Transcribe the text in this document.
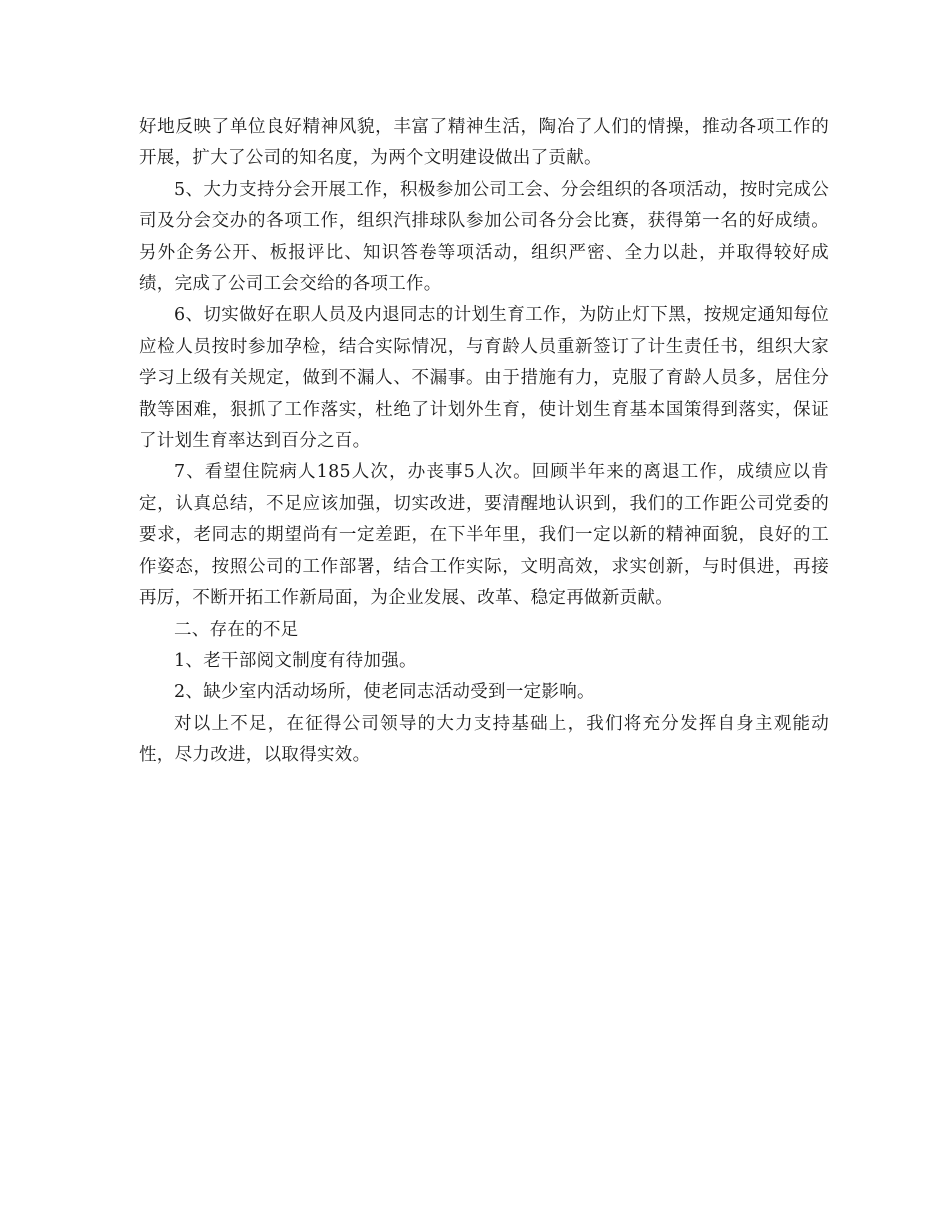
好地反映了单位良好精神风貌，丰富了精神生活，陶冶了人们的情操，推动各项工作的开展，扩大了公司的知名度，为两个文明建设做出了贡献。

5、大力支持分会开展工作，积极参加公司工会、分会组织的各项活动，按时完成公司及分会交办的各项工作，组织汽排球队参加公司各分会比赛，获得第一名的好成绩。另外企务公开、板报评比、知识答卷等项活动，组织严密、全力以赴，并取得较好成绩，完成了公司工会交给的各项工作。

6、切实做好在职人员及内退同志的计划生育工作，为防止灯下黑，按规定通知每位应检人员按时参加孕检，结合实际情况，与育龄人员重新签订了计生责任书，组织大家学习上级有关规定，做到不漏人、不漏事。由于措施有力，克服了育龄人员多，居住分散等困难，狠抓了工作落实，杜绝了计划外生育，使计划生育基本国策得到落实，保证了计划生育率达到百分之百。

7、看望住院病人185人次，办丧事5人次。回顾半年来的离退工作，成绩应以肯定，认真总结，不足应该加强，切实改进，要清醒地认识到，我们的工作距公司党委的要求，老同志的期望尚有一定差距，在下半年里，我们一定以新的精神面貌，良好的工作姿态，按照公司的工作部署，结合工作实际，文明高效，求实创新，与时俱进，再接再厉，不断开拓工作新局面，为企业发展、改革、稳定再做新贡献。

二、存在的不足

1、老干部阅文制度有待加强。

2、缺少室内活动场所，使老同志活动受到一定影响。

对以上不足，在征得公司领导的大力支持基础上，我们将充分发挥自身主观能动性，尽力改进，以取得实效。
